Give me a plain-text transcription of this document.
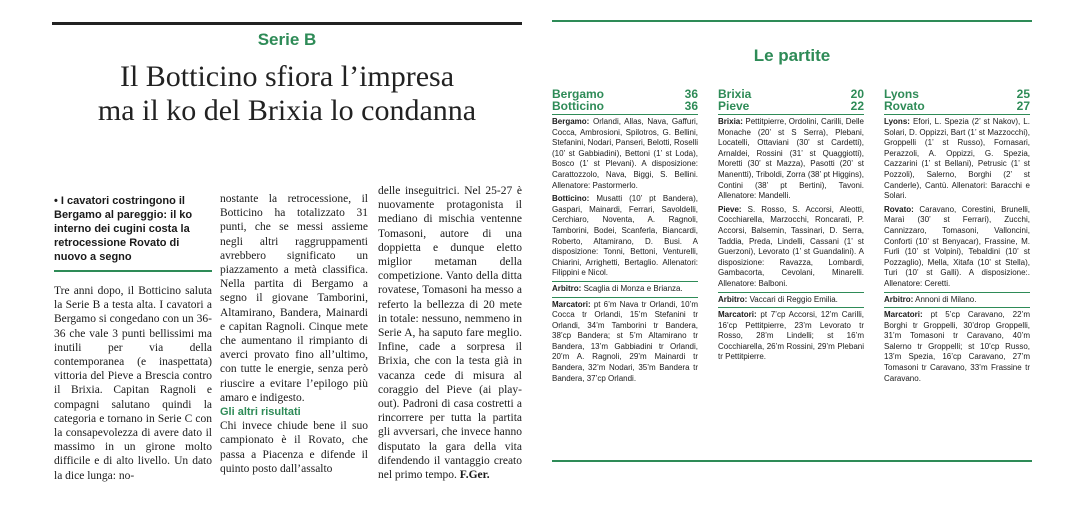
Serie B
Il Botticino sfiora l’impresa
ma il ko del Brixia lo condanna
• I cavatori costringono il Bergamo al pareggio: il ko interno dei cugini costa la retrocessione Rovato di nuovo a segno
Tre anni dopo, il Botticino saluta la Serie B a testa alta. I cavatori a Bergamo si congedano con un 36-36 che vale 3 punti bellissimi ma inutili per via della contemporanea (e inaspettata) vittoria del Pieve a Brescia contro il Brixia. Capitan Ragnoli e compagni salutano quindi la categoria e tornano in Serie C con la consapevolezza di avere dato il massimo in un girone molto difficile e di alto livello. Un dato la dice lunga: no-
nostante la retrocessione, il Botticino ha totalizzato 31 punti, che se messi assieme negli altri raggruppamenti avrebbero significato un piazzamento a metà classifica. Nella partita di Bergamo a segno il giovane Tamborini, Altamirano, Bandera, Mainardi e capitan Ragnoli. Cinque mete che aumentano il rimpianto di averci provato fino all’ultimo, con tutte le energie, senza però riuscire a evitare l’epilogo più amaro e indigesto.
Gli altri risultati
Chi invece chiude bene il suo campionato è il Rovato, che passa a Piacenza e difende il quinto posto dall’assalto
delle inseguitrici. Nel 25-27 è nuovamente protagonista il mediano di mischia ventenne Tomasoni, autore di una doppietta e dunque eletto miglior metaman della competizione. Vanto della ditta rovatese, Tomasoni ha messo a referto la bellezza di 20 mete in totale: nessuno, nemmeno in Serie A, ha saputo fare meglio. Infine, cade a sorpresa il Brixia, che con la testa già in vacanza cede di misura al coraggio del Pieve (ai play-out). Padroni di casa costretti a rincorrere per tutta la partita gli avversari, che invece hanno disputato la gara della vita difendendo il vantaggio creato nel primo tempo. F.Ger.
Le partite
Bergamo	36
Botticino	36
Bergamo: Orlandi, Allas, Nava, Gaffuri, Cocca, Ambrosioni, Spilotros, G. Bellini, Stefanini, Nodari, Panseri, Belotti, Roselli (10’ st Gabbiadini), Bettoni (1’ st Loda), Bosco (1’ st Plevani). A disposizione: Carattozzolo, Nava, Biggi, S. Bellini. Allenatore: Pastormerlo.
Botticino: Musatti (10’ pt Bandera), Gaspari, Mainardi, Ferrari, Savoldelli, Cerchiaro, Noventa, A. Ragnoli, Tamborini, Bodei, Scanferla, Biancardi, Roberto, Altamirano, D. Busi. A disposizione: Tonni, Bettoni, Venturelli, Chiarini, Arrighetti, Bertaglio. Allenatori: Filippini e Nicol.
Arbitro: Scaglia di Monza e Brianza.
Marcatori: pt 6’m Nava tr Orlandi, 10’m Cocca tr Orlandi, 15’m Stefanini tr Orlandi, 34’m Tamborini tr Bandera, 38’cp Bandera; st 5’m Altamirano tr Bandera, 13’m Gabbiadini tr Orlandi, 20’m A. Ragnoli, 29’m Mainardi tr Bandera, 32’m Nodari, 35’m Bandera tr Bandera, 37’cp Orlandi.
Brixia	20
Pieve	22
Brixia: Pettitpierre, Ordolini, Carilli, Delle Monache (20’ st S Serra), Plebani, Locatelli, Ottaviani (30’ st Cardetti), Arnaldei, Rossini (31’ st Quaggiotti), Moretti (30’ st Mazza), Pasotti (20’ st Manentti), Triboldi, Zorra (38’ pt Higgins), Contini (38’ pt Bertini), Tavoni. Allenatore: Mandelli.
Pieve: S. Rosso, S. Accorsi, Aleotti, Cocchiarella, Marzocchi, Roncarati, P. Accorsi, Balsemin, Tassinari, D. Serra, Taddia, Preda, Lindelli, Cassani (1’ st Guerzoni), Levorato (1’ st Guandalini). A disposizione: Ravazza, Lombardi, Gambacorta, Cevolani, Minarelli. Allenatore: Balboni.
Arbitro: Vaccari di Reggio Emilia.
Marcatori: pt 7’cp Accorsi, 12’m Carilli, 16’cp Pettitpierre, 23’m Levorato tr Rosso, 28’m Lindelli; st 16’m Cocchiarella, 26’m Rossini, 29’m Plebani tr Pettitpierre.
Lyons	25
Rovato	27
Lyons: Efori, L. Spezia (2’ st Nakov), L. Solari, D. Oppizzi, Bart (1’ st Mazzocchi), Groppelli (1’ st Russo), Fornasari, Perazzoli, A. Oppizzi, G. Spezia, Cazzarini (1’ st Bellani), Petrusic (1’ st Pozzoli), Salerno, Borghi (2’ st Canderle), Cantù. Allenatori: Baracchi e Solari.
Rovato: Caravano, Corestini, Brunelli, Maraì (30’ st Ferrari), Zucchi, Cannizzaro, Tomasoni, Valloncini, Conforti (10’ st Benyacar), Frassine, M. Furli (10’ st Volpini), Tebaldini (10’ st Pozzaglio), Mella, Xitafa (10’ st Stella), Turi (10’ st Galli). A disposizione:. Allenatore: Ceretti.
Arbitro: Annoni di Milano.
Marcatori: pt 5’cp Caravano, 22’m Borghi tr Groppelli, 30’drop Groppelli, 31’m Tomasoni tr Caravano, 40’m Salerno tr Groppelli; st 10’cp Russo, 13’m Spezia, 16’cp Caravano, 27’m Tomasoni tr Caravano, 33’m Frassine tr Caravano.
